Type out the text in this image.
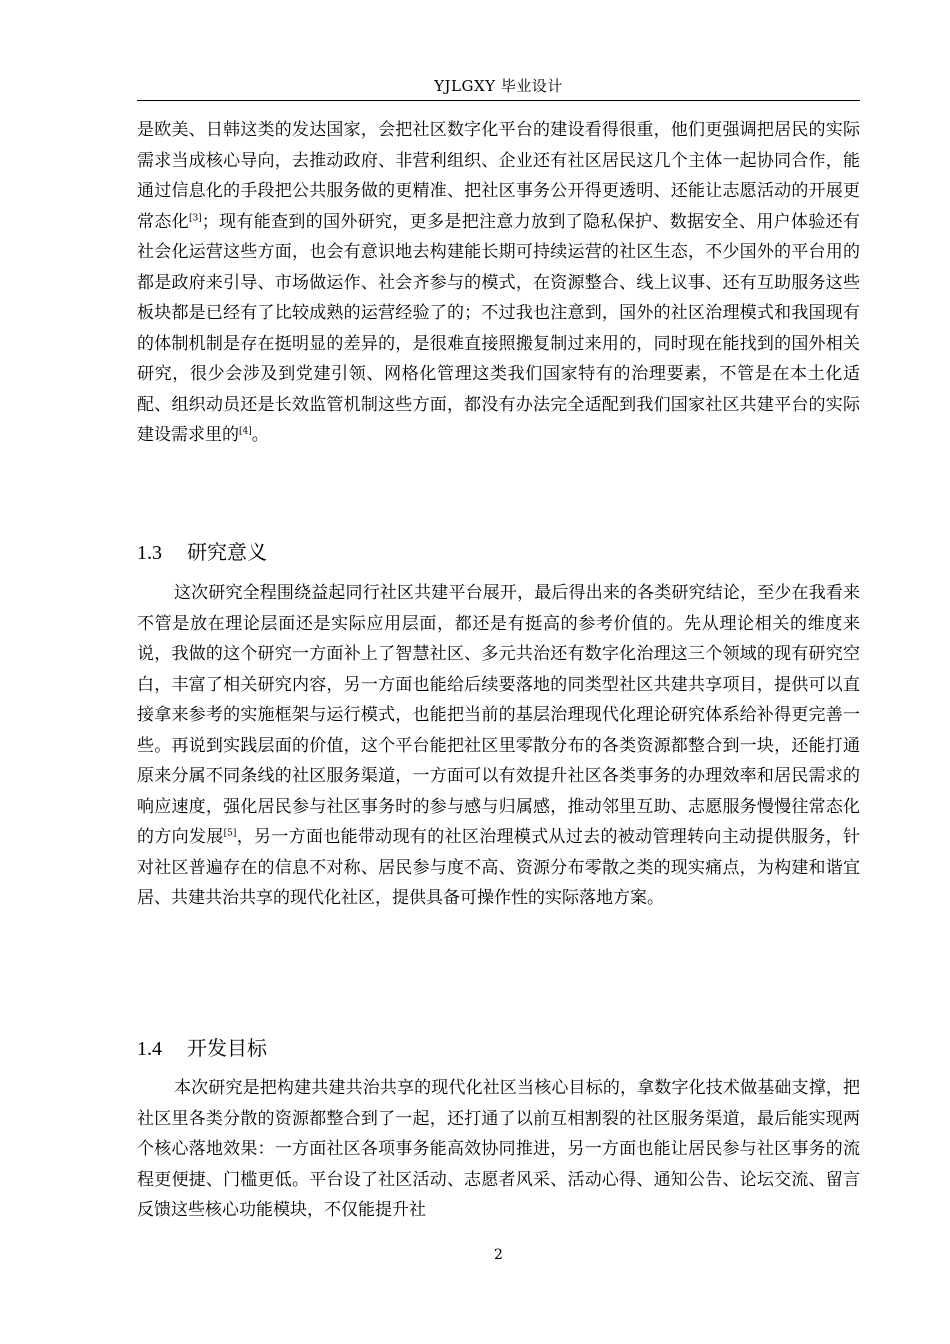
YJLGXY 毕业设计

是欧美、日韩这类的发达国家，会把社区数字化平台的建设看得很重，他们更强调把居民的实际需求当成核心导向，去推动政府、非营利组织、企业还有社区居民这几个主体一起协同合作，能通过信息化的手段把公共服务做的更精准、把社区事务公开得更透明、还能让志愿活动的开展更常态化[3]；现有能查到的国外研究，更多是把注意力放到了隐私保护、数据安全、用户体验还有社会化运营这些方面，也会有意识地去构建能长期可持续运营的社区生态，不少国外的平台用的都是政府来引导、市场做运作、社会齐参与的模式，在资源整合、线上议事、还有互助服务这些板块都是已经有了比较成熟的运营经验了的；不过我也注意到，国外的社区治理模式和我国现有的体制机制是存在挺明显的差异的，是很难直接照搬复制过来用的，同时现在能找到的国外相关研究，很少会涉及到党建引领、网格化管理这类我们国家特有的治理要素，不管是在本土化适配、组织动员还是长效监管机制这些方面，都没有办法完全适配到我们国家社区共建平台的实际建设需求里的[4]。

1.3 研究意义

这次研究全程围绕益起同行社区共建平台展开，最后得出来的各类研究结论，至少在我看来不管是放在理论层面还是实际应用层面，都还是有挺高的参考价值的。先从理论相关的维度来说，我做的这个研究一方面补上了智慧社区、多元共治还有数字化治理这三个领域的现有研究空白，丰富了相关研究内容，另一方面也能给后续要落地的同类型社区共建共享项目，提供可以直接拿来参考的实施框架与运行模式，也能把当前的基层治理现代化理论研究体系给补得更完善一些。再说到实践层面的价值，这个平台能把社区里零散分布的各类资源都整合到一块，还能打通原来分属不同条线的社区服务渠道，一方面可以有效提升社区各类事务的办理效率和居民需求的响应速度，强化居民参与社区事务时的参与感与归属感，推动邻里互助、志愿服务慢慢往常态化的方向发展[5]，另一方面也能带动现有的社区治理模式从过去的被动管理转向主动提供服务，针对社区普遍存在的信息不对称、居民参与度不高、资源分布零散之类的现实痛点，为构建和谐宜居、共建共治共享的现代化社区，提供具备可操作性的实际落地方案。

1.4 开发目标

本次研究是把构建共建共治共享的现代化社区当核心目标的，拿数字化技术做基础支撑，把社区里各类分散的资源都整合到了一起，还打通了以前互相割裂的社区服务渠道，最后能实现两个核心落地效果：一方面社区各项事务能高效协同推进，另一方面也能让居民参与社区事务的流程更便捷、门槛更低。平台设了社区活动、志愿者风采、活动心得、通知公告、论坛交流、留言反馈这些核心功能模块，不仅能提升社

2
